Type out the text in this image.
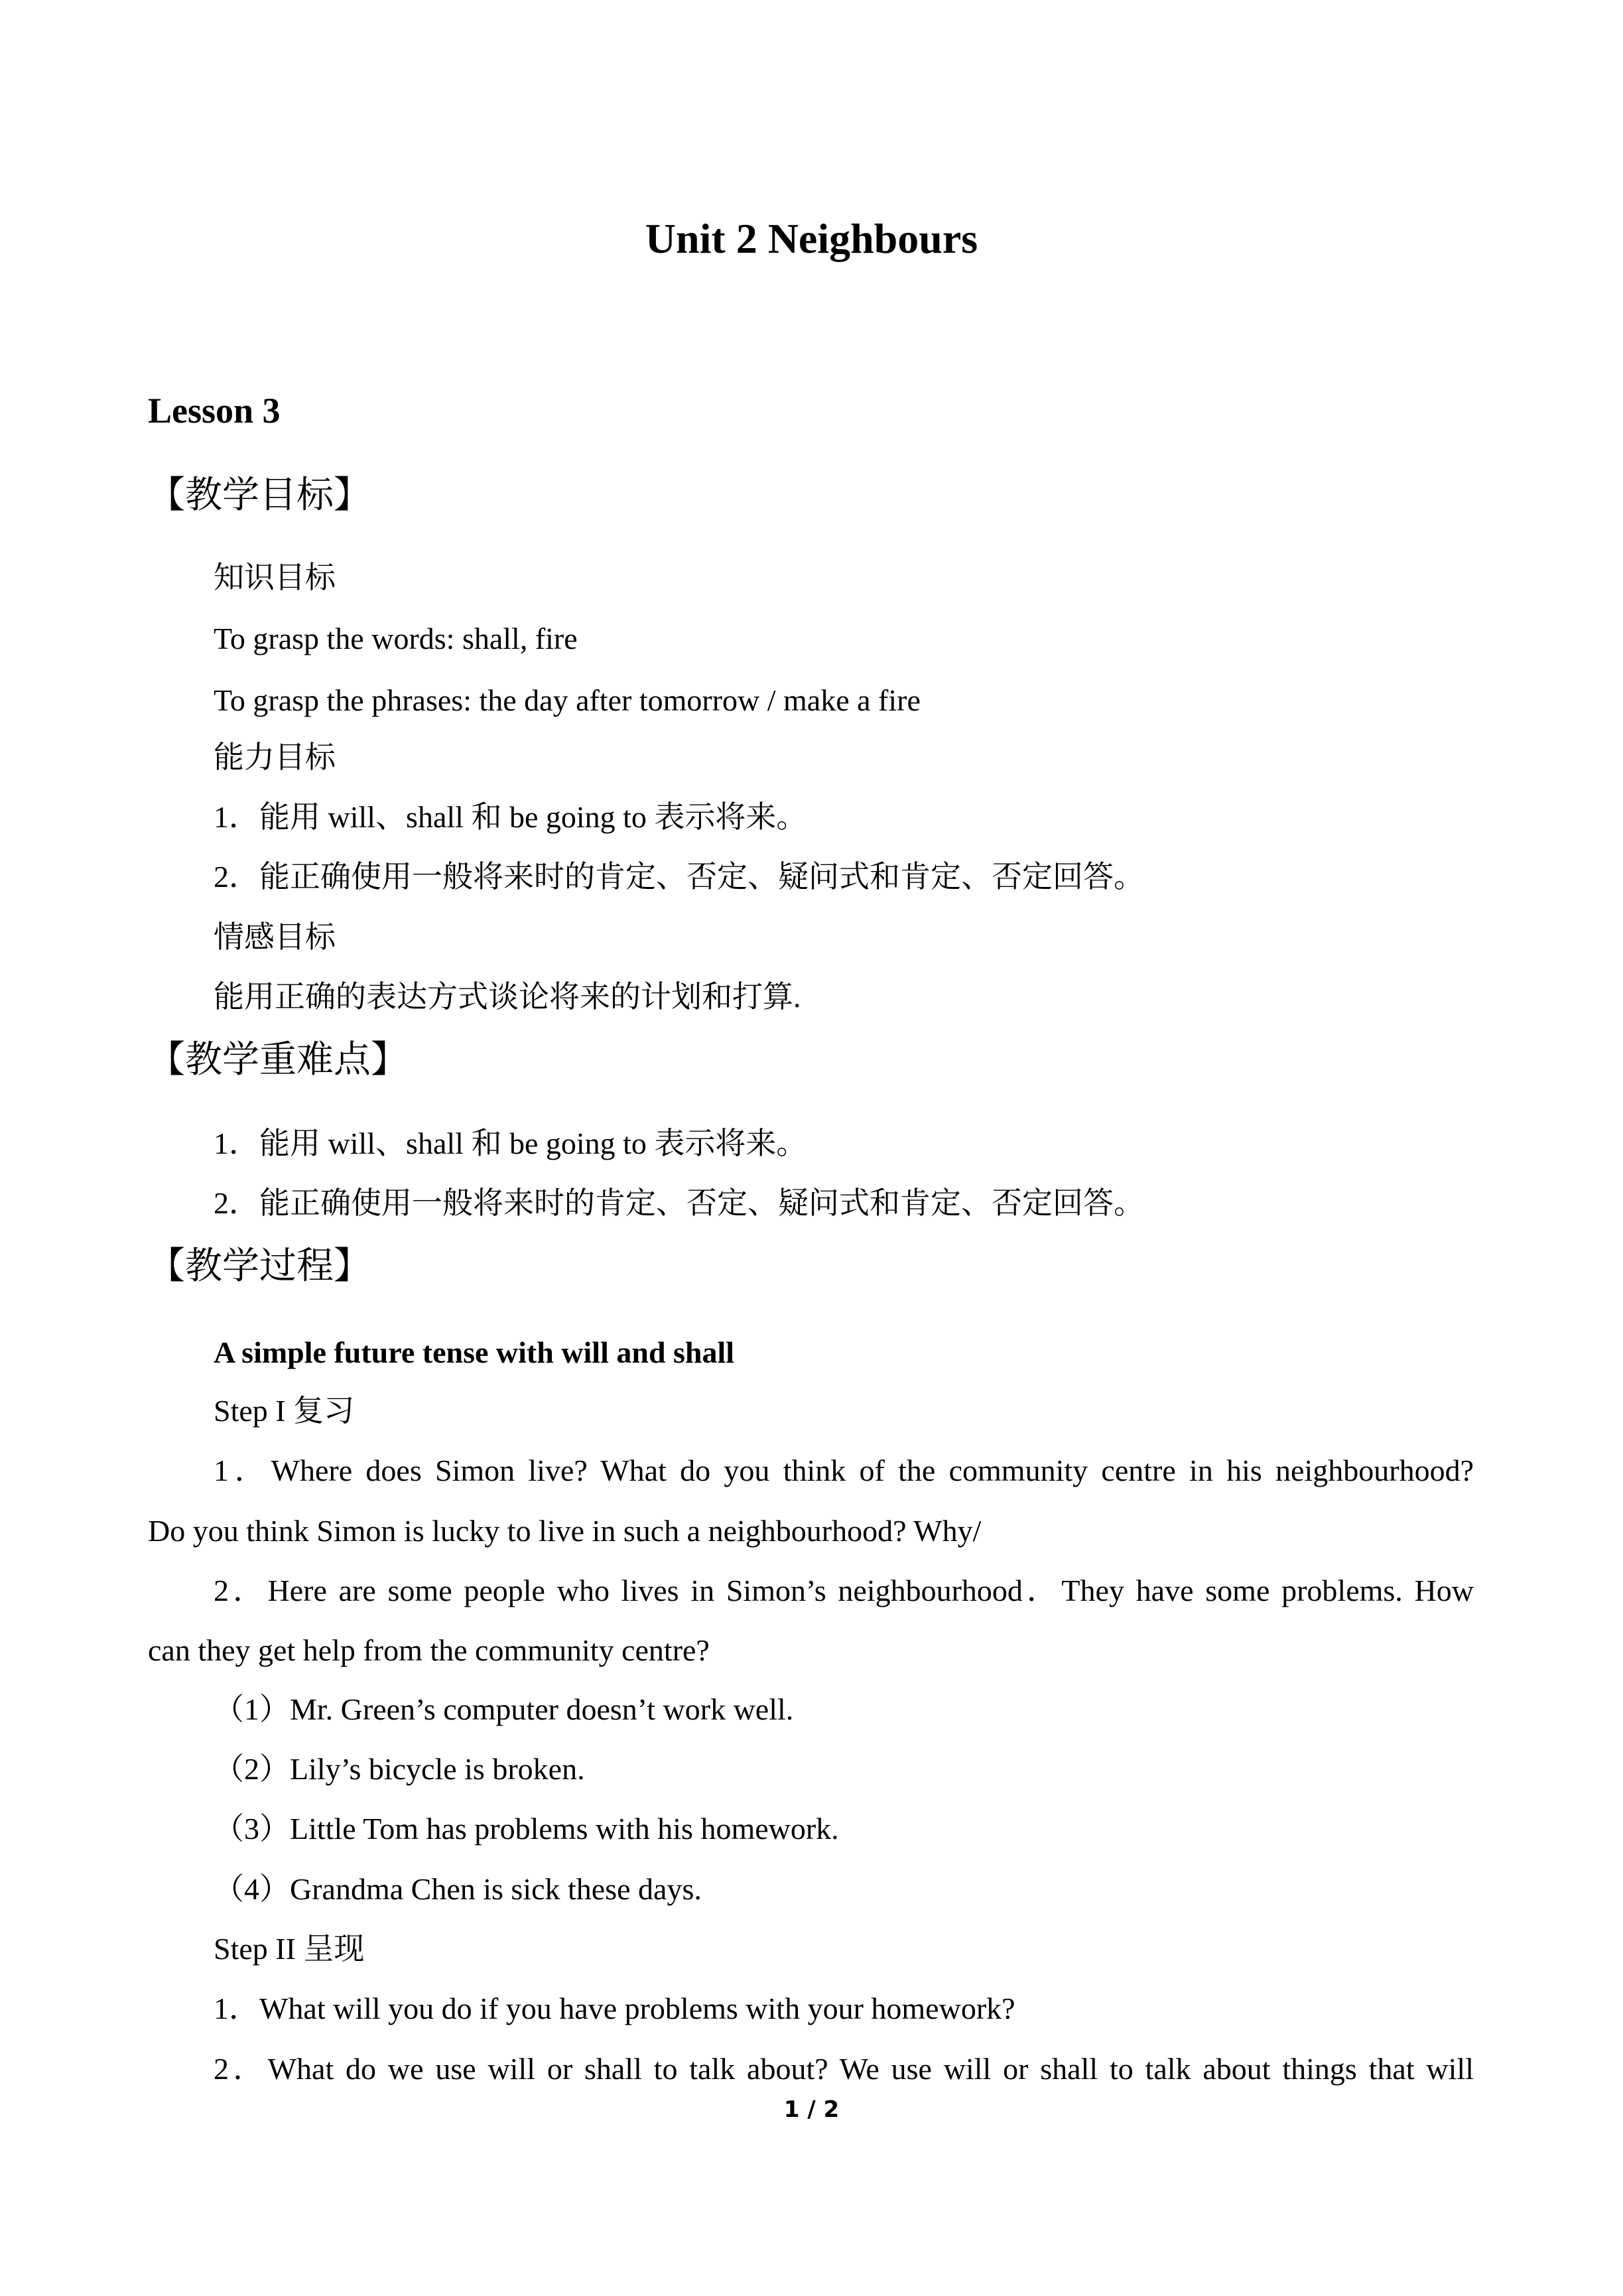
Unit 2 Neighbours
Lesson 3
【教学目标】
知识目标
To grasp the words: shall, fire
To grasp the phrases: the day after tomorrow / make a fire
能力目标
1．能用 will、shall 和 be going to 表示将来。
2．能正确使用一般将来时的肯定、否定、疑问式和肯定、否定回答。
情感目标
能用正确的表达方式谈论将来的计划和打算.
【教学重难点】
1．能用 will、shall 和 be going to 表示将来。
2．能正确使用一般将来时的肯定、否定、疑问式和肯定、否定回答。
【教学过程】
A simple future tense with will and shall
Step I 复习
1．Where does Simon live? What do you think of the community centre in his neighbourhood?
Do you think Simon is lucky to live in such a neighbourhood? Why/
2．Here are some people who lives in Simon’s neighbourhood．They have some problems. How
can they get help from the community centre?
（1）Mr. Green’s computer doesn’t work well.
（2）Lily’s bicycle is broken.
（3）Little Tom has problems with his homework.
（4）Grandma Chen is sick these days.
Step II 呈现
1．What will you do if you have problems with your homework?
2．What do we use will or shall to talk about? We use will or shall to talk about things that will
1 / 2
